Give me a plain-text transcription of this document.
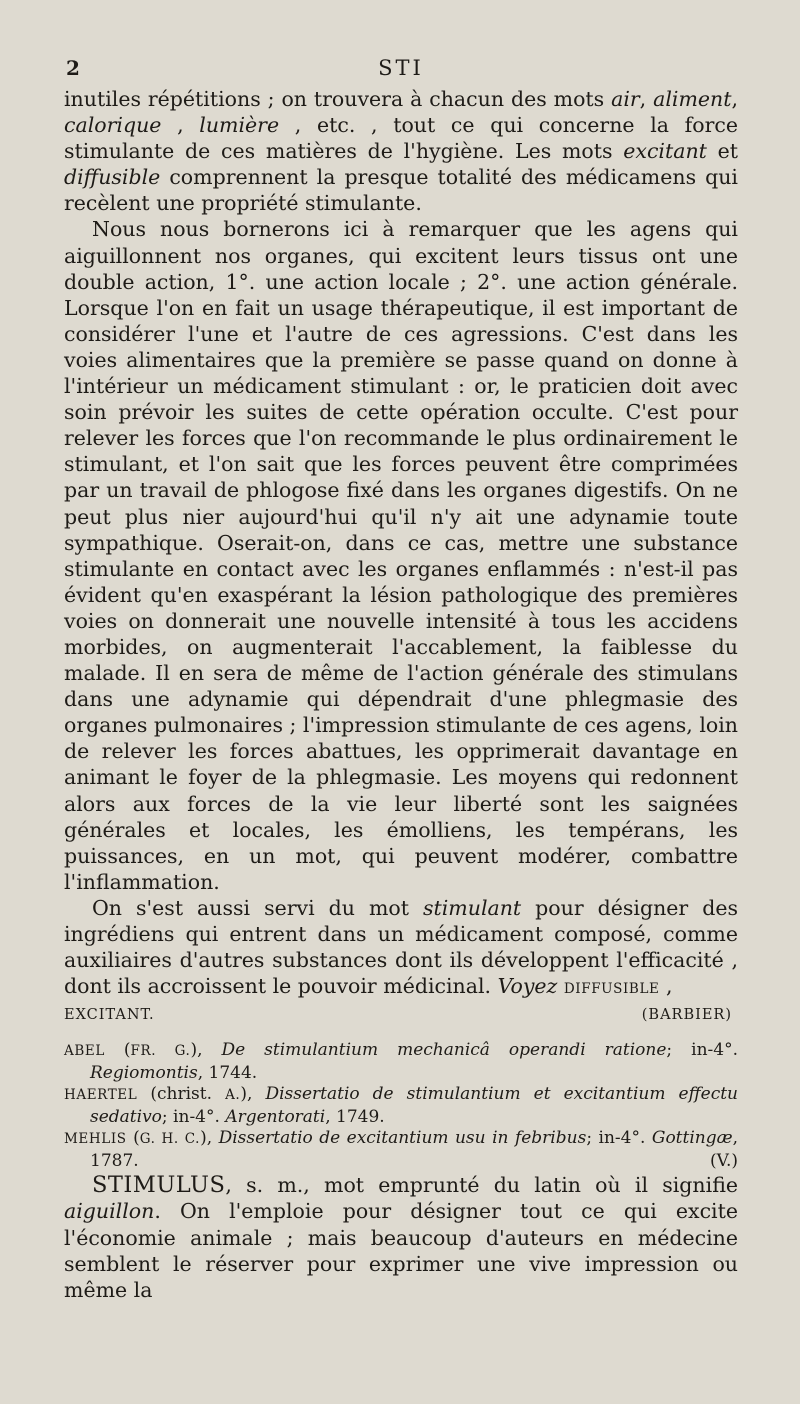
2	STI

inutiles répétitions ; on trouvera à chacun des mots air, aliment, calorique , lumière , etc. , tout ce qui concerne la force stimulante de ces matières de l'hygiène. Les mots excitant et diffusible comprennent la presque totalité des médicamens qui recèlent une propriété stimulante.

Nous nous bornerons ici à remarquer que les agens qui aiguillonnent nos organes, qui excitent leurs tissus ont une double action, 1°. une action locale ; 2°. une action générale. Lorsque l'on en fait un usage thérapeutique, il est important de considérer l'une et l'autre de ces agressions. C'est dans les voies alimentaires que la première se passe quand on donne à l'intérieur un médicament stimulant : or, le praticien doit avec soin prévoir les suites de cette opération occulte. C'est pour relever les forces que l'on recommande le plus ordinairement le stimulant, et l'on sait que les forces peuvent être comprimées par un travail de phlogose fixé dans les organes digestifs. On ne peut plus nier aujourd'hui qu'il n'y ait une adynamie toute sympathique. Oserait-on, dans ce cas, mettre une substance stimulante en contact avec les organes enflammés : n'est-il pas évident qu'en exaspérant la lésion pathologique des premières voies on donnerait une nouvelle intensité à tous les accidens morbides, on augmenterait l'accablement, la faiblesse du malade. Il en sera de même de l'action générale des stimulans dans une adynamie qui dépendrait d'une phlegmasie des organes pulmonaires ; l'impression stimulante de ces agens, loin de relever les forces abattues, les opprimerait davantage en animant le foyer de la phlegmasie. Les moyens qui redonnent alors aux forces de la vie leur liberté sont les saignées générales et locales, les émolliens, les tempérans, les puissances, en un mot, qui peuvent modérer, combattre l'inflammation.

On s'est aussi servi du mot stimulant pour désigner des ingrédiens qui entrent dans un médicament composé, comme auxiliaires d'autres substances dont ils développent l'efficacité , dont ils accroissent le pouvoir médicinal. Voyez DIFFUSIBLE ,

EXCITANT.	(BARBIER)

ABEL (FR. G.), De stimulantium mechanicâ operandi ratione; in-4°. Regiomontis, 1744.

HAERTEL (christ. A.), Dissertatio de stimulantium et excitantium effectu sedativo; in-4°. Argentorati, 1749.

MEHLIS (G. H. C.), Dissertatio de excitantium usu in febribus; in-4°. Gottingæ, 1787.	(V.)

STIMULUS, s. m., mot emprunté du latin où il signifie aiguillon. On l'emploie pour désigner tout ce qui excite l'économie animale ; mais beaucoup d'auteurs en médecine semblent le réserver pour exprimer une vive impression ou même la
